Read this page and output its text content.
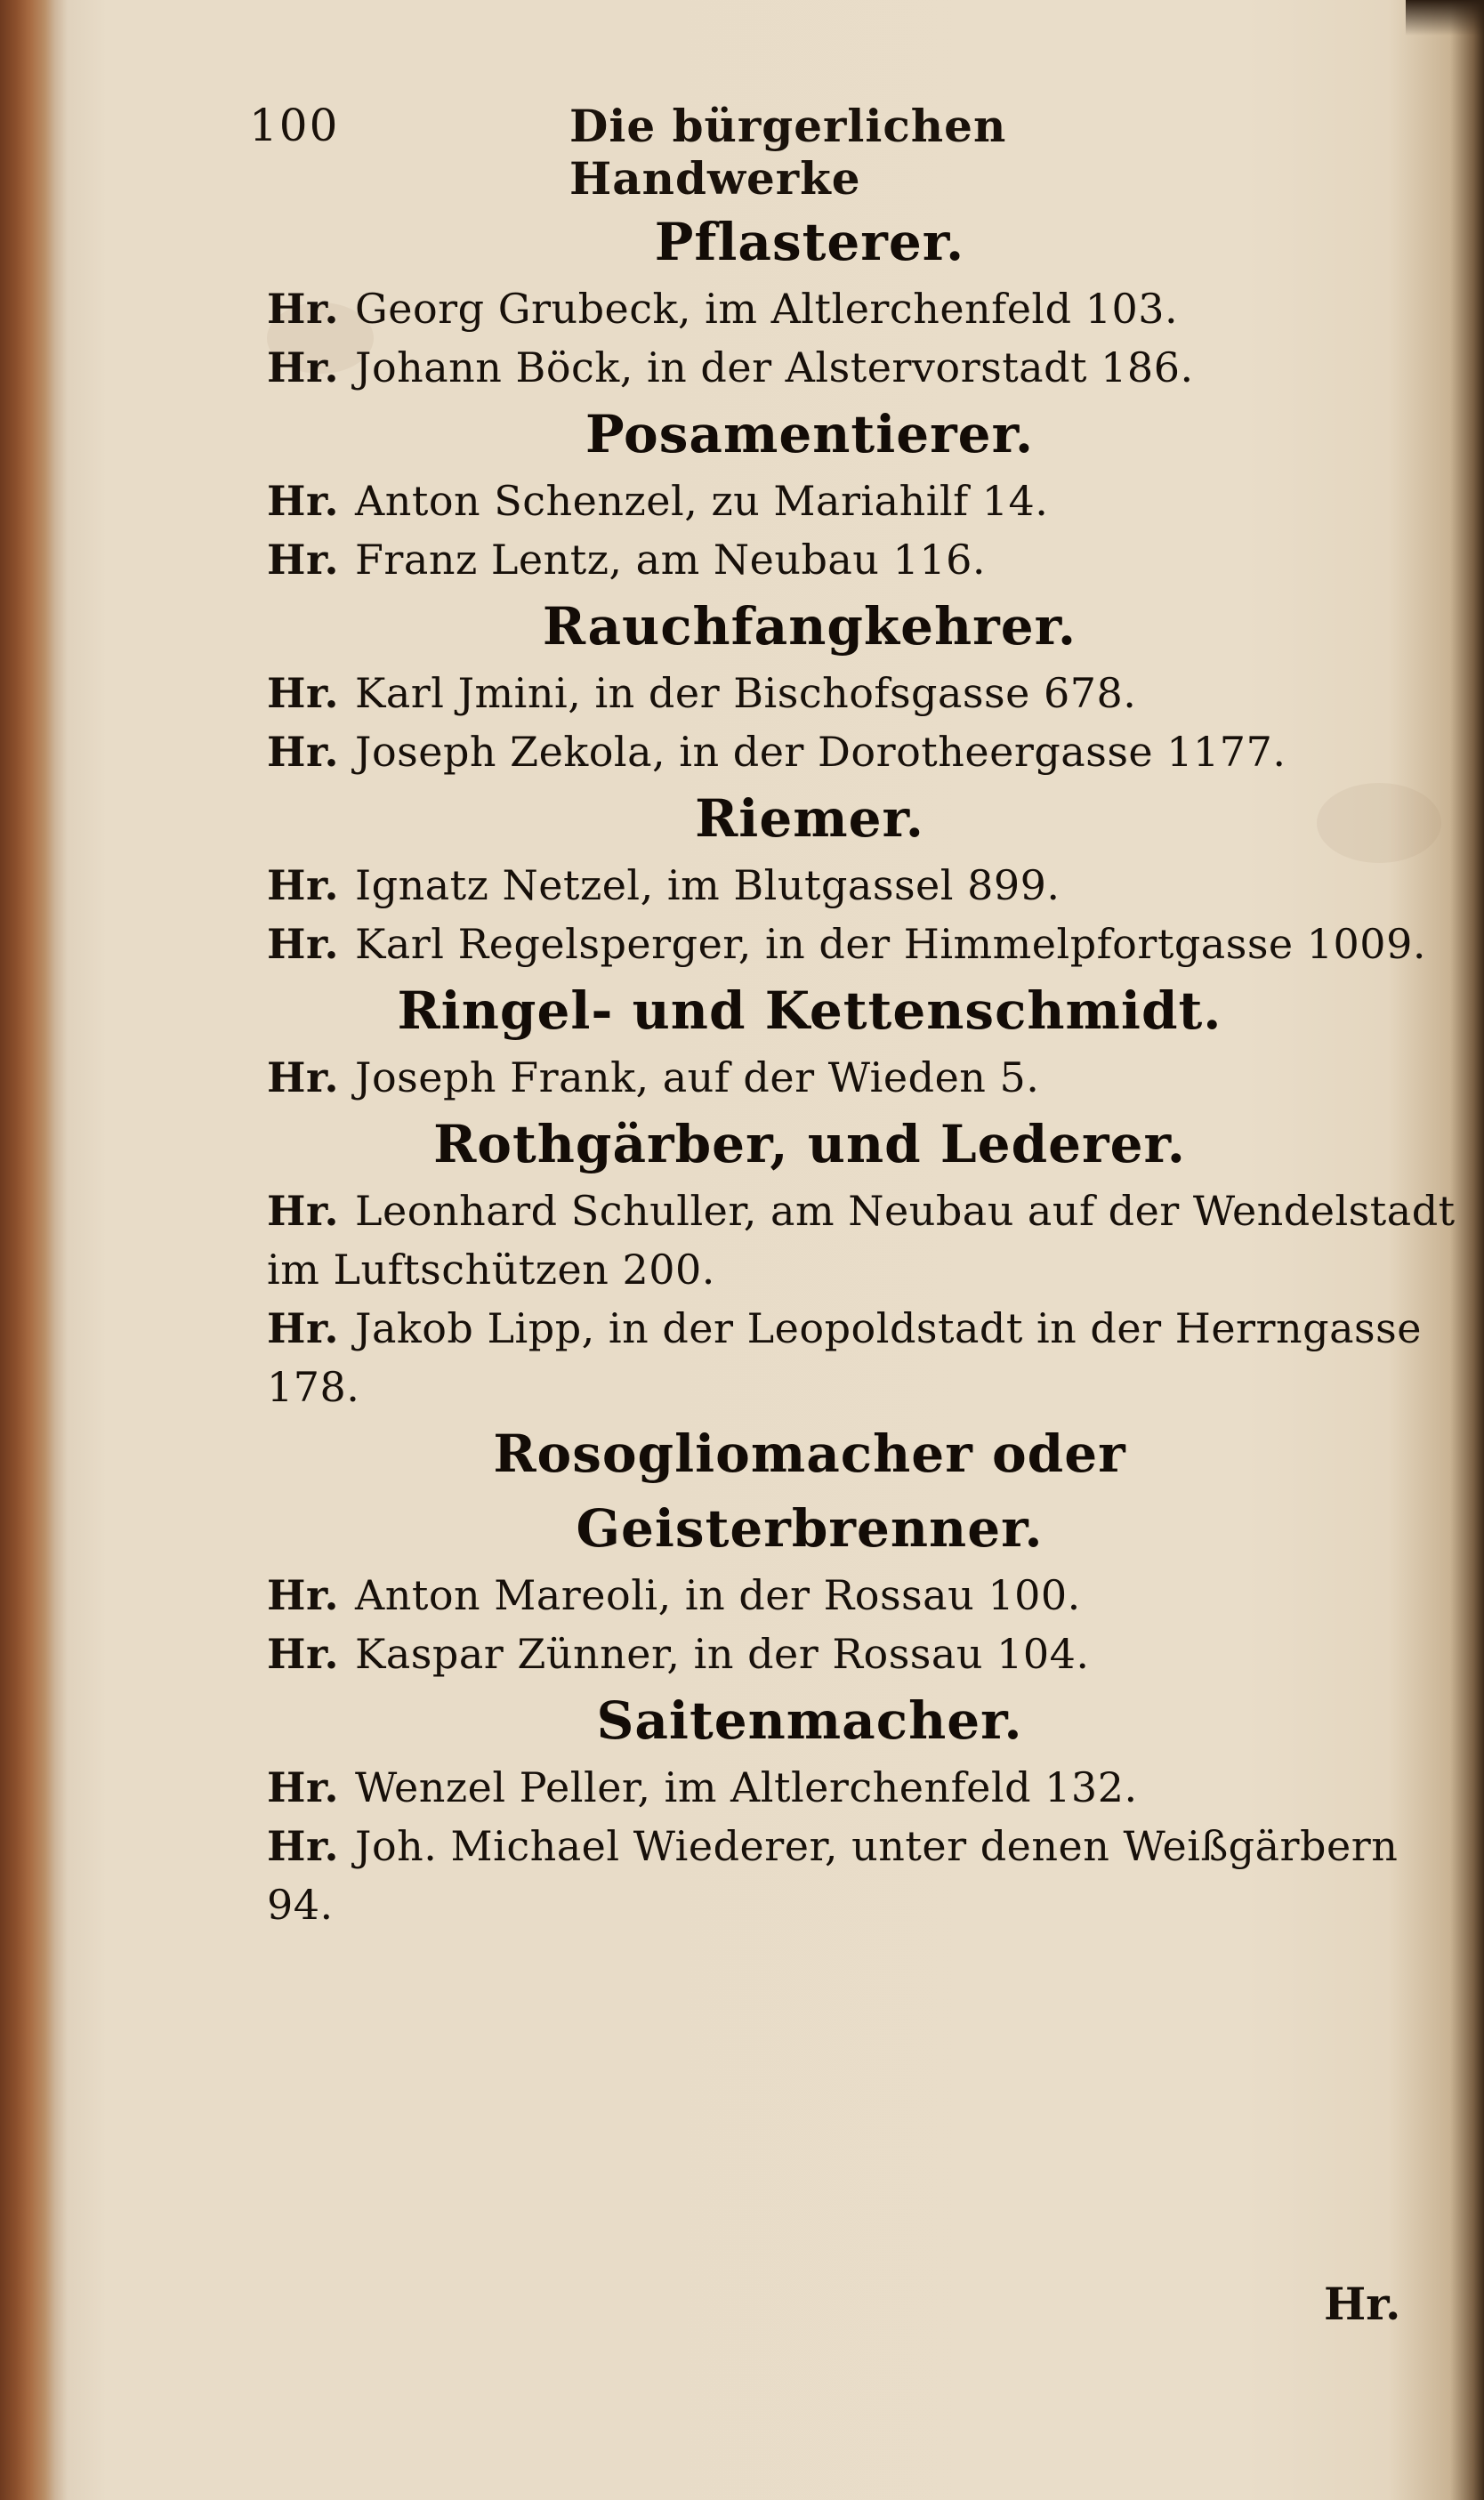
100	Die bürgerlichen Handwerke
Pflasterer.

Hr. Georg Grubeck, im Altlerchenfeld 103.

Hr. Johann Böck, in der Alstervorstadt 186.

Posamentierer.

Hr. Anton Schenzel, zu Mariahilf 14.

Hr. Franz Lentz, am Neubau 116.

Rauchfangkehrer.

Hr. Karl Jmini, in der Bischofsgasse 678.

Hr. Joseph Zekola, in der Dorotheergasse 1177.

Riemer.

Hr. Ignatz Netzel, im Blutgassel 899.

Hr. Karl Regelsperger, in der Himmelpfortgasse 1009.

Ringel- und Kettenschmidt.

Hr. Joseph Frank, auf der Wieden 5.

Rothgärber, und Lederer.

Hr. Leonhard Schuller, am Neubau auf der Wendelstadt im Luftschützen 200.

Hr. Jakob Lipp, in der Leopoldstadt in der Herrngasse 178.

Rosogliomacher oder Geisterbrenner.

Hr. Anton Mareoli, in der Rossau 100.

Hr. Kaspar Zünner, in der Rossau 104.

Saitenmacher.

Hr. Wenzel Peller, im Altlerchenfeld 132.

Hr. Joh. Michael Wiederer, unter denen Weißgärbern 94.

Hr.
